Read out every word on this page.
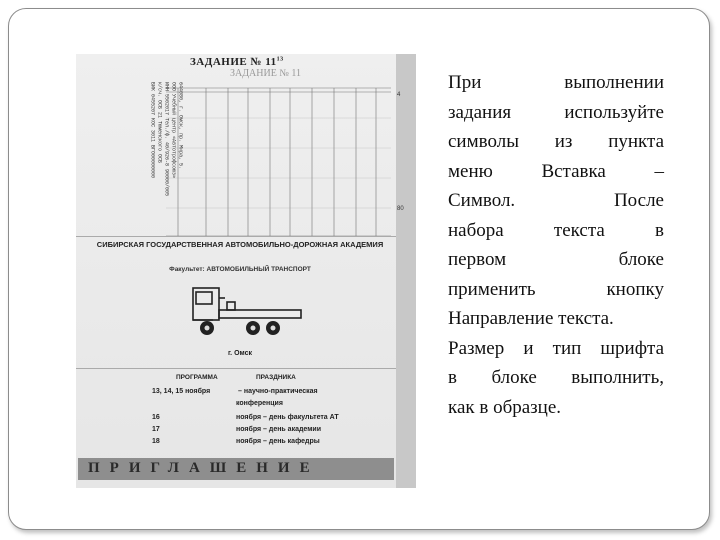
ЗАДАНИЕ № $11^{13}$
ЗАДАНИЕ № 11
644080, г. Омск, пр. Мира, 5.
ООО Учебный центр «Автотрофсоюз»
ИНН 5502017 Тел./ф. 40/926-8 90000/005
к/сч. ОСБ 21 Тюменского ОСБ
БИК 0455207 КОС 3011 ВГО00000000	4
80
СИБИРСКАЯ ГОСУДАРСТВЕННАЯ АВТОМОБИЛЬНО-ДОРОЖНАЯ АКАДЕМИЯ
Факультет: АВТОМОБИЛЬНЫЙ ТРАНСПОРТ
г. Омск
ПРОГРАММА	ПРАЗДНИКА
13, 14, 15 ноября	– научно-практическая
конференция
16	ноября – день факультета АТ
17	ноября – день академии
18	ноября – день кафедры
ПРИГЛАШЕНИЕ
При выполнении
задания используйте
символы из пункта
меню Вставка –
Символ. После
набора текста в
первом блоке
применить кнопку
Направление текста.
Размер и тип шрифта
в блоке выполнить,
как в образце.
